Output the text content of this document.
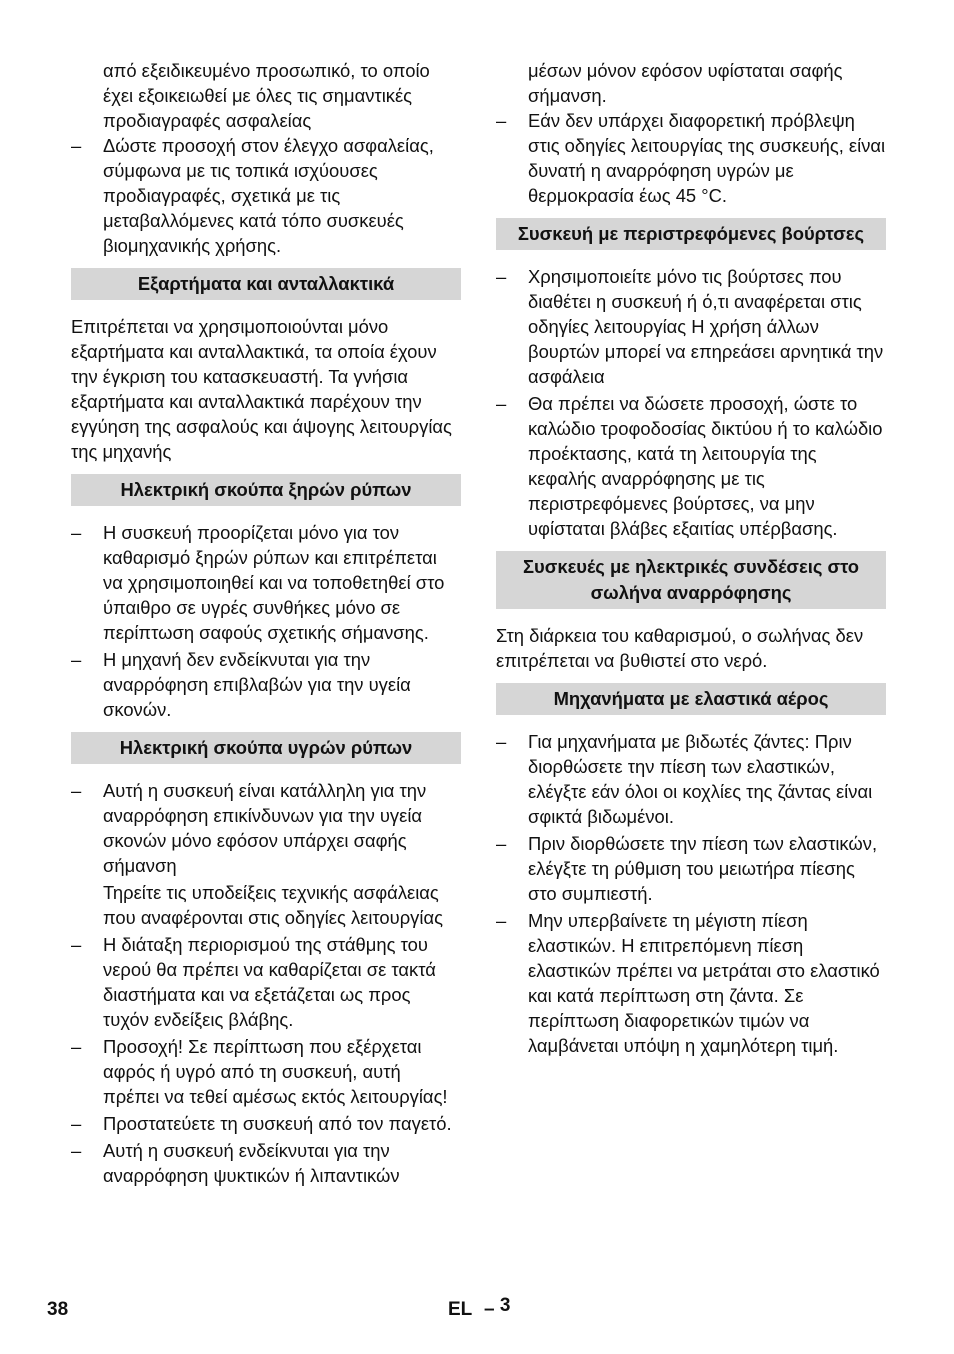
από εξειδικευμένο προσωπικό, το οποίο έχει εξοικειωθεί με όλες τις σημαντικές προδιαγραφές ασφαλείας

–	Δώστε προσοχή στον έλεγχο ασφαλείας, σύμφωνα με τις τοπικά ισχύουσες προδιαγραφές, σχετικά με τις μεταβαλλόμενες κατά τόπο συσκευές βιομηχανικής χρήσης.
Εξαρτήματα και ανταλλακτικά

Επιτρέπεται να χρησιμοποιούνται μόνο εξαρτήματα και ανταλλακτικά, τα οποία έχουν την έγκριση του κατασκευαστή. Τα γνήσια εξαρτήματα και ανταλλακτικά παρέχουν την εγγύηση της ασφαλούς και άψογης λειτουργίας της μηχανής

Ηλεκτρική σκούπα ξηρών ρύπων
–	Η συσκευή προορίζεται μόνο για τον καθαρισμό ξηρών ρύπων και επιτρέπεται να χρησιμοποιηθεί και να τοποθετηθεί στο ύπαιθρο σε υγρές συνθήκες μόνο σε περίπτωση σαφούς σχετικής σήμανσης.
–	Η μηχανή δεν ενδείκνυται για την αναρρόφηση επιβλαβών για την υγεία σκονών.
Ηλεκτρική σκούπα υγρών ρύπων
–	Αυτή η συσκευή είναι κατάλληλη για την αναρρόφηση επικίνδυνων για την υγεία σκονών μόνο εφόσον υπάρχει σαφής σήμανση

Τηρείτε τις υποδείξεις τεχνικής ασφάλειας που αναφέρονται στις οδηγίες λειτουργίας

–	Η διάταξη περιορισμού της στάθμης του νερού θα πρέπει να καθαρίζεται σε τακτά διαστήματα και να εξετάζεται ως προς τυχόν ενδείξεις βλάβης.
–	Προσοχή! Σε περίπτωση που εξέρχεται αφρός ή υγρό από τη συσκευή, αυτή πρέπει να τεθεί αμέσως εκτός λειτουργίας!
–	Προστατεύετε τη συσκευή από τον παγετό.
–	Αυτή η συσκευή ενδείκνυται για την αναρρόφηση ψυκτικών ή λιπαντικών

μέσων μόνον εφόσον υφίσταται σαφής σήμανση.

–	Εάν δεν υπάρχει διαφορετική πρόβλεψη στις οδηγίες λειτουργίας της συσκευής, είναι δυνατή η αναρρόφηση υγρών με θερμοκρασία έως 45 °C.
Συσκευή με περιστρεφόμενες βούρτσες
–	Χρησιμοποιείτε μόνο τις βούρτσες που διαθέτει η συσκευή ή ό,τι αναφέρεται στις οδηγίες λειτουργίας Η χρήση άλλων βουρτών μπορεί να επηρεάσει αρνητικά την ασφάλεια
–	Θα πρέπει να δώσετε προσοχή, ώστε το καλώδιο τροφοδοσίας δικτύου ή το καλώδιο προέκτασης, κατά τη λειτουργία της κεφαλής αναρρόφησης με τις περιστρεφόμενες βούρτσες, να μην υφίσταται βλάβες εξαιτίας υπέρβασης.
Συσκευές με ηλεκτρικές συνδέσεις στο σωλήνα αναρρόφησης

Στη διάρκεια του καθαρισμού, ο σωλήνας δεν επιτρέπεται να βυθιστεί στο νερό.

Μηχανήματα με ελαστικά αέρος
–	Για μηχανήματα με βιδωτές ζάντες: Πριν διορθώσετε την πίεση των ελαστικών, ελέγξτε εάν όλοι οι κοχλίες της ζάντας είναι σφικτά βιδωμένοι.
–	Πριν διορθώσετε την πίεση των ελαστικών, ελέγξτε τη ρύθμιση του μειωτήρα πίεσης στο συμπιεστή.
–	Μην υπερβαίνετε τη μέγιστη πίεση ελαστικών. Η επιτρεπόμενη πίεση ελαστικών πρέπει να μετράται στο ελαστικό και κατά περίπτωση στη ζάντα. Σε περίπτωση διαφορετικών τιμών να λαμβάνεται υπόψη η χαμηλότερη τιμή.
38	EL – 3
